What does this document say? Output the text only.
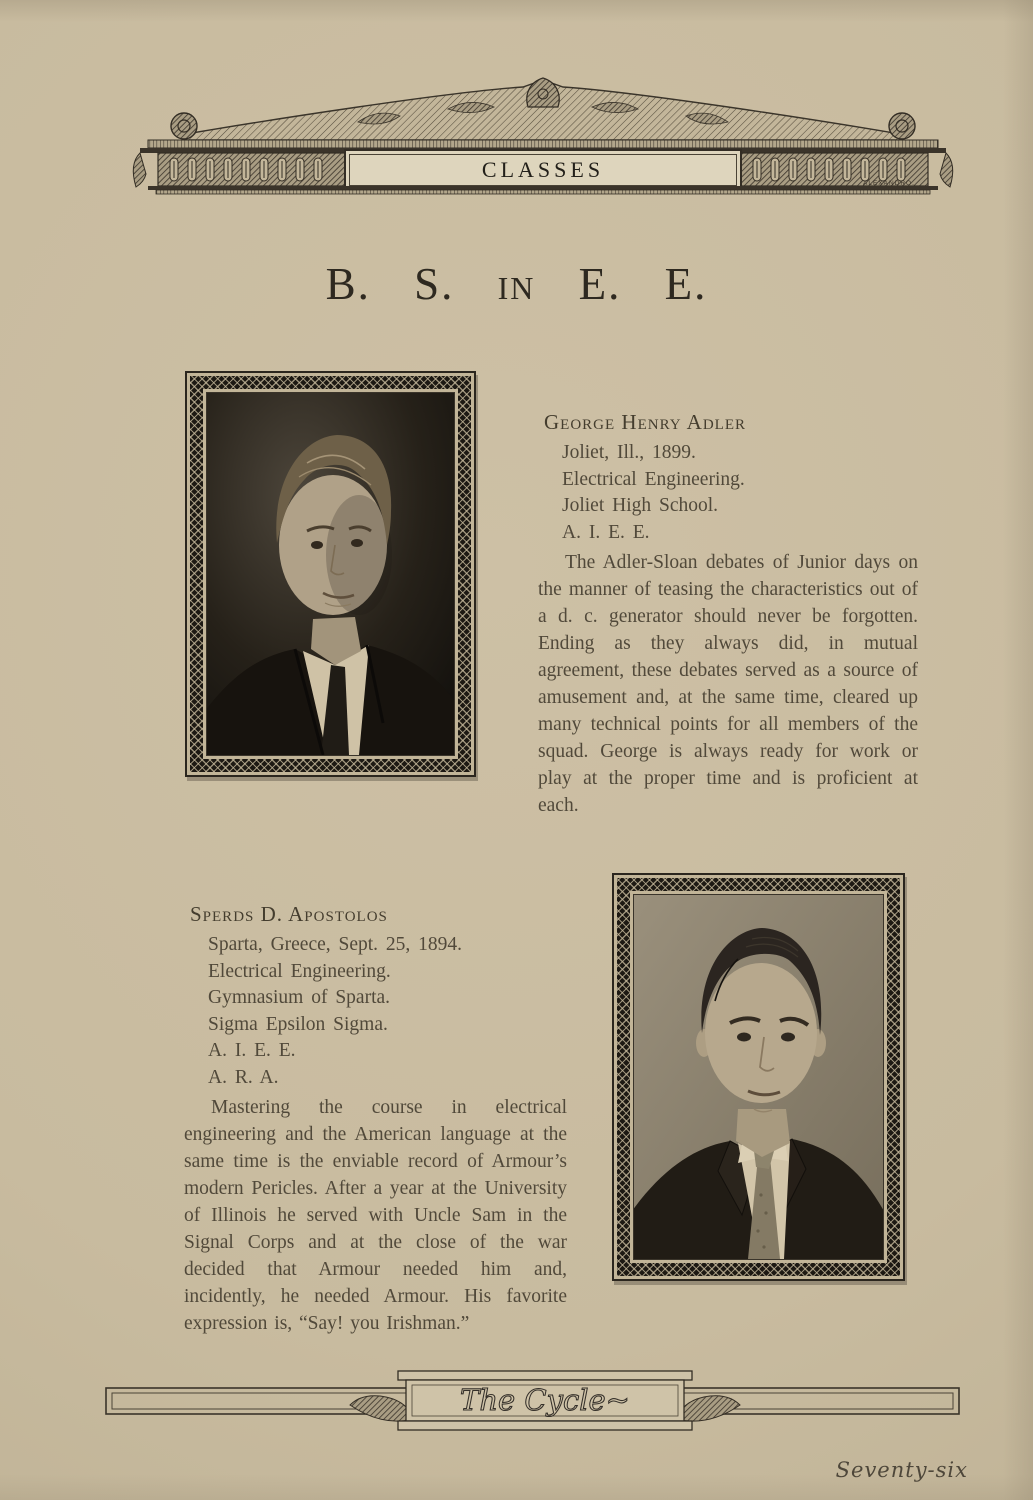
CLASSES
ALEXANDRO.
B. S. in E. E.
George Henry Adler
Joliet, Ill., 1899.
Electrical Engineering.
Joliet High School.
A. I. E. E.

The Adler-Sloan debates of Junior days on the manner of teasing the characteristics out of a d. c. generator should never be forgotten. Ending as they always did, in mutual agreement, these debates served as a source of amusement and, at the same time, cleared up many technical points for all members of the squad. George is always ready for work or play at the proper time and is proficient at each.

Sperds D. Apostolos
Sparta, Greece, Sept. 25, 1894.
Electrical Engineering.
Gymnasium of Sparta.
Sigma Epsilon Sigma.
A. I. E. E.
A. R. A.

Mastering the course in electrical engineering and the American language at the same time is the enviable record of Armour’s modern Pericles. After a year at the University of Illinois he served with Uncle Sam in the Signal Corps and at the close of the war decided that Armour needed him and, incidently, he needed Armour. His favorite expression is, “Say! you Irishman.”

The Cycle~

Seventy-six
